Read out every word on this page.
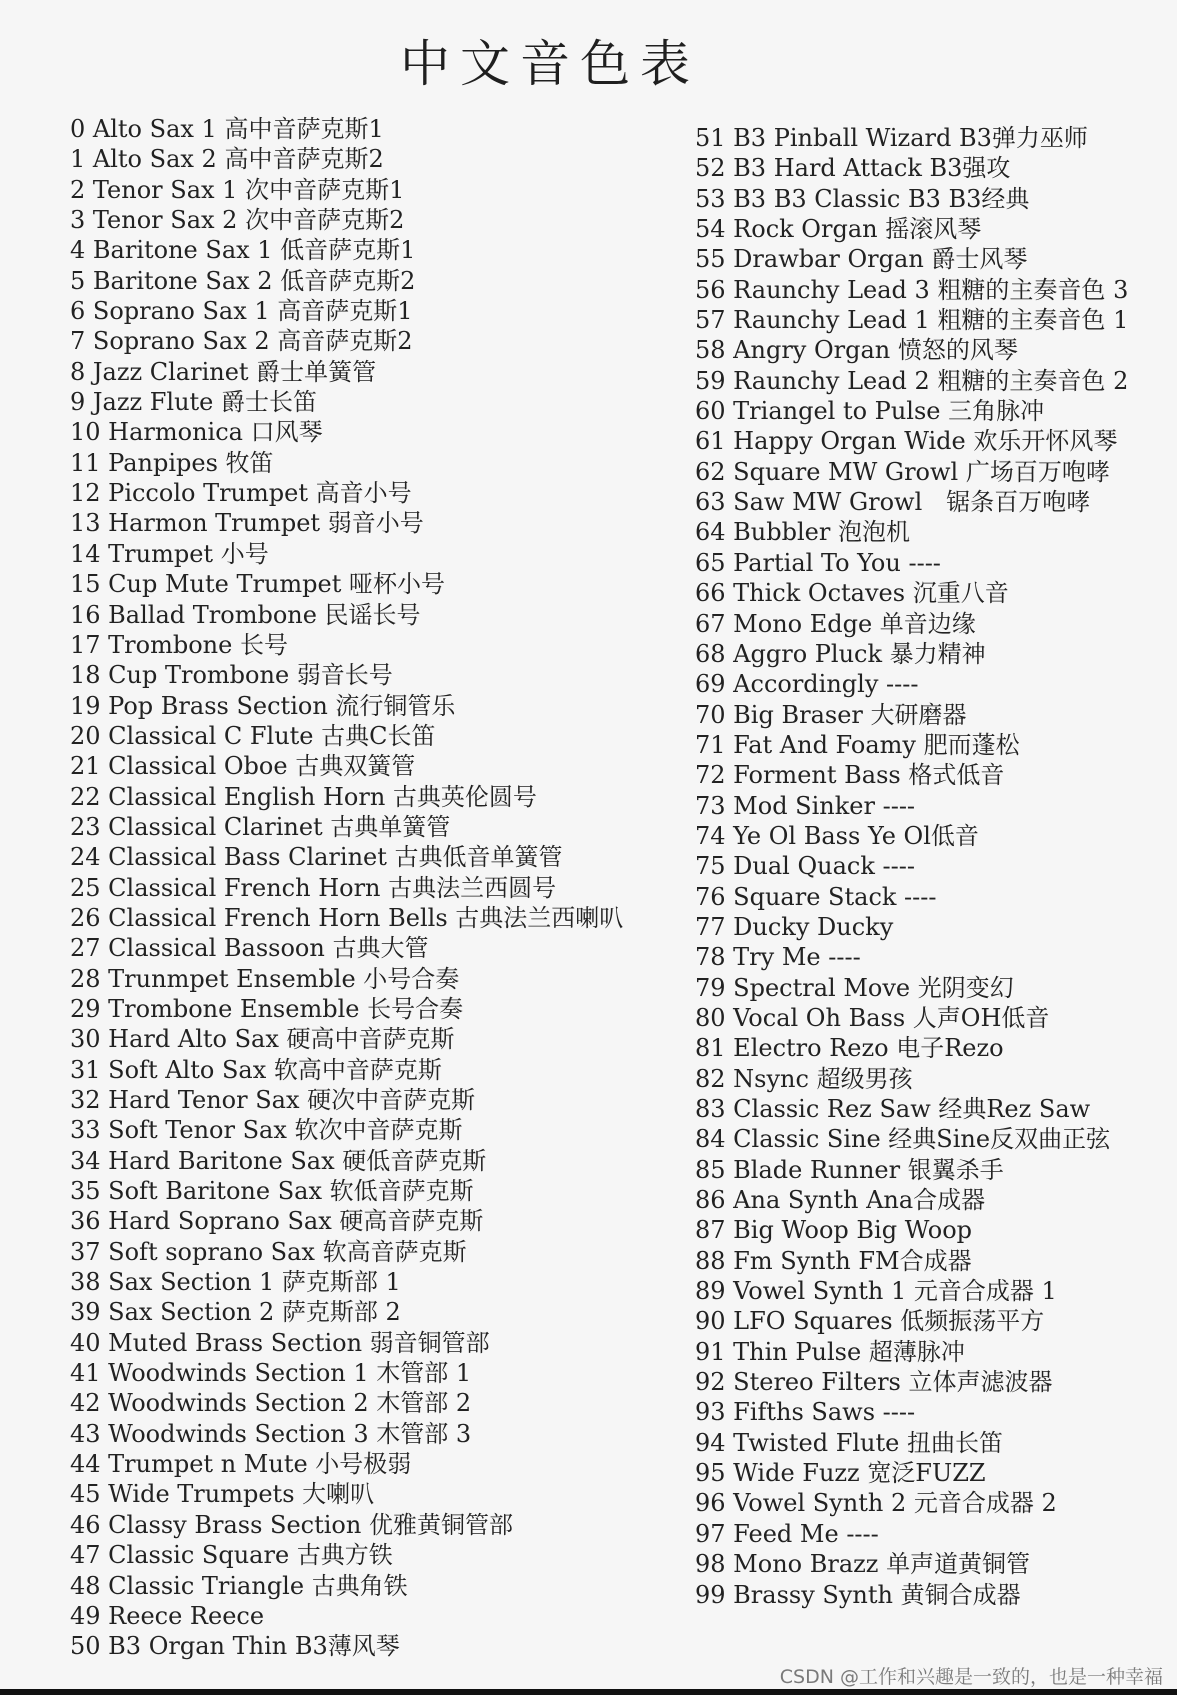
中文音色表
0 Alto Sax 1 高中音萨克斯1
1 Alto Sax 2 高中音萨克斯2
2 Tenor Sax 1 次中音萨克斯1
3 Tenor Sax 2 次中音萨克斯2
4 Baritone Sax 1 低音萨克斯1
5 Baritone Sax 2 低音萨克斯2
6 Soprano Sax 1 高音萨克斯1
7 Soprano Sax 2 高音萨克斯2
8 Jazz Clarinet 爵士单簧管
9 Jazz Flute 爵士长笛
10 Harmonica 口风琴
11 Panpipes 牧笛
12 Piccolo Trumpet 高音小号
13 Harmon Trumpet 弱音小号
14 Trumpet 小号
15 Cup Mute Trumpet 哑杯小号
16 Ballad Trombone 民谣长号
17 Trombone 长号
18 Cup Trombone 弱音长号
19 Pop Brass Section 流行铜管乐
20 Classical C Flute 古典C长笛
21 Classical Oboe 古典双簧管
22 Classical English Horn 古典英伦圆号
23 Classical Clarinet 古典单簧管
24 Classical Bass Clarinet 古典低音单簧管
25 Classical French Horn 古典法兰西圆号
26 Classical French Horn Bells 古典法兰西喇叭
27 Classical Bassoon 古典大管
28 Trunmpet Ensemble 小号合奏
29 Trombone Ensemble 长号合奏
30 Hard Alto Sax 硬高中音萨克斯
31 Soft Alto Sax 软高中音萨克斯
32 Hard Tenor Sax 硬次中音萨克斯
33 Soft Tenor Sax 软次中音萨克斯
34 Hard Baritone Sax 硬低音萨克斯
35 Soft Baritone Sax 软低音萨克斯
36 Hard Soprano Sax 硬高音萨克斯
37 Soft soprano Sax 软高音萨克斯
38 Sax Section 1 萨克斯部 1
39 Sax Section 2 萨克斯部 2
40 Muted Brass Section 弱音铜管部
41 Woodwinds Section 1 木管部 1
42 Woodwinds Section 2 木管部 2
43 Woodwinds Section 3 木管部 3
44 Trumpet n Mute 小号极弱
45 Wide Trumpets 大喇叭
46 Classy Brass Section 优雅黄铜管部
47 Classic Square 古典方铁
48 Classic Triangle 古典角铁
49 Reece Reece
50 B3 Organ Thin B3薄风琴
51 B3 Pinball Wizard B3弹力巫师
52 B3 Hard Attack B3强攻
53 B3 B3 Classic B3 B3经典
54 Rock Organ 摇滚风琴
55 Drawbar Organ 爵士风琴
56 Raunchy Lead 3 粗糖的主奏音色 3
57 Raunchy Lead 1 粗糖的主奏音色 1
58 Angry Organ 愤怒的风琴
59 Raunchy Lead 2 粗糖的主奏音色 2
60 Triangel to Pulse 三角脉冲
61 Happy Organ Wide 欢乐开怀风琴
62 Square MW Growl 广场百万咆哮
63 Saw MW Growl　锯条百万咆哮
64 Bubbler 泡泡机
65 Partial To You ----
66 Thick Octaves 沉重八音
67 Mono Edge 单音边缘
68 Aggro Pluck 暴力精神
69 Accordingly ----
70 Big Braser 大研磨器
71 Fat And Foamy 肥而蓬松
72 Forment Bass 格式低音
73 Mod Sinker ----
74 Ye Ol Bass Ye Ol低音
75 Dual Quack ----
76 Square Stack ----
77 Ducky Ducky
78 Try Me ----
79 Spectral Move 光阴变幻
80 Vocal Oh Bass 人声OH低音
81 Electro Rezo 电子Rezo
82 Nsync 超级男孩
83 Classic Rez Saw 经典Rez Saw
84 Classic Sine 经典Sine反双曲正弦
85 Blade Runner 银翼杀手
86 Ana Synth Ana合成器
87 Big Woop Big Woop
88 Fm Synth FM合成器
89 Vowel Synth 1 元音合成器 1
90 LFO Squares 低频振荡平方
91 Thin Pulse 超薄脉冲
92 Stereo Filters 立体声滤波器
93 Fifths Saws ----
94 Twisted Flute 扭曲长笛
95 Wide Fuzz 宽泛FUZZ
96 Vowel Synth 2 元音合成器 2
97 Feed Me ----
98 Mono Brazz 单声道黄铜管
99 Brassy Synth 黄铜合成器
CSDN @工作和兴趣是一致的，也是一种幸福
